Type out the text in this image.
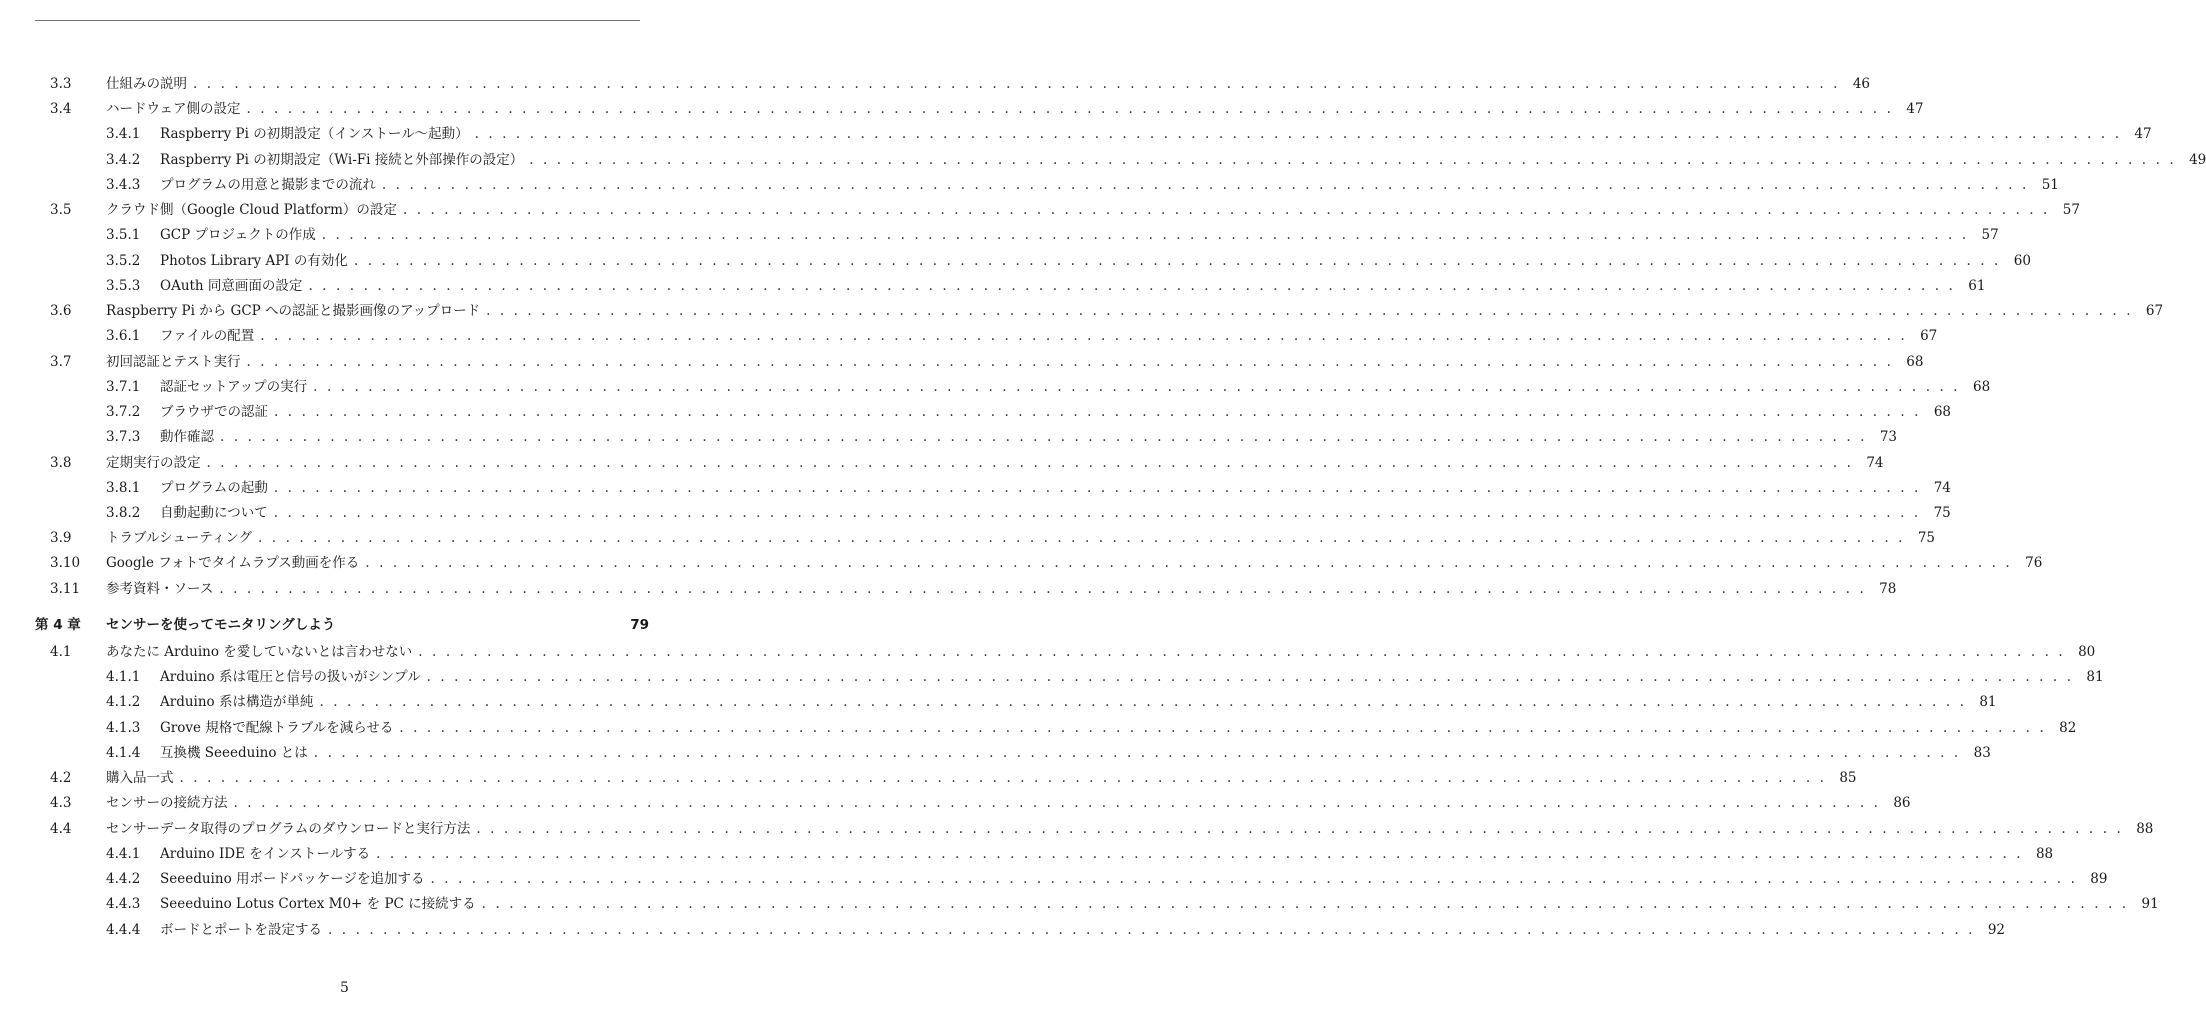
3.3	仕組みの説明 . . . . . . . . . . . . . . . . . . . . . . . . . . . . . . . . . . . . . . . . . . . . . . . . . . . . . . . . . . . . . . . . . . . . . . . . . . . . . . . . . . . . . . . . . . . . . . . . . . . . . . . . . . . . . . . . . . . . . . . . 46
3.4	ハードウェア側の設定 . . . . . . . . . . . . . . . . . . . . . . . . . . . . . . . . . . . . . . . . . . . . . . . . . . . . . . . . . . . . . . . . . . . . . . . . . . . . . . . . . . . . . . . . . . . . . . . . . . . . . . . . . . . . . . . . . . . . . . . . 47
3.4.1 Raspberry Pi の初期設定（インストール〜起動） . . . . . . . . . . . . . . . . . . . . . . . . . . . . . . . . . . . . . . . . . . . . . . . . . . . . . . . . . . . . . . . . . . . . . . . . . . . . . . . . . . . . . . . . . . . . . . . . . . . . . . . . . . . . . . . . . . . . . . . . 47
3.4.2 Raspberry Pi の初期設定（Wi-Fi 接続と外部操作の設定） . . . . . . . . . . . . . . . . . . . . . . . . . . . . . . . . . . . . . . . . . . . . . . . . . . . . . . . . . . . . . . . . . . . . . . . . . . . . . . . . . . . . . . . . . . . . . . . . . . . . . . . . . . . . . . . . . . . . . . . . 49
3.4.3 プログラムの用意と撮影までの流れ . . . . . . . . . . . . . . . . . . . . . . . . . . . . . . . . . . . . . . . . . . . . . . . . . . . . . . . . . . . . . . . . . . . . . . . . . . . . . . . . . . . . . . . . . . . . . . . . . . . . . . . . . . . . . . . . . . . . . . . . 51
3.5	クラウド側（Google Cloud Platform）の設定 . . . . . . . . . . . . . . . . . . . . . . . . . . . . . . . . . . . . . . . . . . . . . . . . . . . . . . . . . . . . . . . . . . . . . . . . . . . . . . . . . . . . . . . . . . . . . . . . . . . . . . . . . . . . . . . . . . . . . . . . 57
3.5.1 GCP プロジェクトの作成 . . . . . . . . . . . . . . . . . . . . . . . . . . . . . . . . . . . . . . . . . . . . . . . . . . . . . . . . . . . . . . . . . . . . . . . . . . . . . . . . . . . . . . . . . . . . . . . . . . . . . . . . . . . . . . . . . . . . . . . . 57
3.5.2 Photos Library API の有効化 . . . . . . . . . . . . . . . . . . . . . . . . . . . . . . . . . . . . . . . . . . . . . . . . . . . . . . . . . . . . . . . . . . . . . . . . . . . . . . . . . . . . . . . . . . . . . . . . . . . . . . . . . . . . . . . . . . . . . . . . 60
3.5.3 OAuth 同意画面の設定 . . . . . . . . . . . . . . . . . . . . . . . . . . . . . . . . . . . . . . . . . . . . . . . . . . . . . . . . . . . . . . . . . . . . . . . . . . . . . . . . . . . . . . . . . . . . . . . . . . . . . . . . . . . . . . . . . . . . . . . . 61
3.6	Raspberry Pi から GCP への認証と撮影画像のアップロード . . . . . . . . . . . . . . . . . . . . . . . . . . . . . . . . . . . . . . . . . . . . . . . . . . . . . . . . . . . . . . . . . . . . . . . . . . . . . . . . . . . . . . . . . . . . . . . . . . . . . . . . . . . . . . . . . . . . . . . . 67
3.6.1 ファイルの配置 . . . . . . . . . . . . . . . . . . . . . . . . . . . . . . . . . . . . . . . . . . . . . . . . . . . . . . . . . . . . . . . . . . . . . . . . . . . . . . . . . . . . . . . . . . . . . . . . . . . . . . . . . . . . . . . . . . . . . . . . 67
3.7	初回認証とテスト実行 . . . . . . . . . . . . . . . . . . . . . . . . . . . . . . . . . . . . . . . . . . . . . . . . . . . . . . . . . . . . . . . . . . . . . . . . . . . . . . . . . . . . . . . . . . . . . . . . . . . . . . . . . . . . . . . . . . . . . . . . 68
3.7.1 認証セットアップの実行 . . . . . . . . . . . . . . . . . . . . . . . . . . . . . . . . . . . . . . . . . . . . . . . . . . . . . . . . . . . . . . . . . . . . . . . . . . . . . . . . . . . . . . . . . . . . . . . . . . . . . . . . . . . . . . . . . . . . . . . . 68
3.7.2 ブラウザでの認証 . . . . . . . . . . . . . . . . . . . . . . . . . . . . . . . . . . . . . . . . . . . . . . . . . . . . . . . . . . . . . . . . . . . . . . . . . . . . . . . . . . . . . . . . . . . . . . . . . . . . . . . . . . . . . . . . . . . . . . . . 68
3.7.3 動作確認 . . . . . . . . . . . . . . . . . . . . . . . . . . . . . . . . . . . . . . . . . . . . . . . . . . . . . . . . . . . . . . . . . . . . . . . . . . . . . . . . . . . . . . . . . . . . . . . . . . . . . . . . . . . . . . . . . . . . . . . . 73
3.8	定期実行の設定 . . . . . . . . . . . . . . . . . . . . . . . . . . . . . . . . . . . . . . . . . . . . . . . . . . . . . . . . . . . . . . . . . . . . . . . . . . . . . . . . . . . . . . . . . . . . . . . . . . . . . . . . . . . . . . . . . . . . . . . . 74
3.8.1 プログラムの起動 . . . . . . . . . . . . . . . . . . . . . . . . . . . . . . . . . . . . . . . . . . . . . . . . . . . . . . . . . . . . . . . . . . . . . . . . . . . . . . . . . . . . . . . . . . . . . . . . . . . . . . . . . . . . . . . . . . . . . . . . 74
3.8.2 自動起動について . . . . . . . . . . . . . . . . . . . . . . . . . . . . . . . . . . . . . . . . . . . . . . . . . . . . . . . . . . . . . . . . . . . . . . . . . . . . . . . . . . . . . . . . . . . . . . . . . . . . . . . . . . . . . . . . . . . . . . . . 75
3.9	トラブルシューティング . . . . . . . . . . . . . . . . . . . . . . . . . . . . . . . . . . . . . . . . . . . . . . . . . . . . . . . . . . . . . . . . . . . . . . . . . . . . . . . . . . . . . . . . . . . . . . . . . . . . . . . . . . . . . . . . . . . . . . . . 75
3.10 Google フォトでタイムラプス動画を作る . . . . . . . . . . . . . . . . . . . . . . . . . . . . . . . . . . . . . . . . . . . . . . . . . . . . . . . . . . . . . . . . . . . . . . . . . . . . . . . . . . . . . . . . . . . . . . . . . . . . . . . . . . . . . . . . . . . . . . . . 76
3.11 参考資料・ソース . . . . . . . . . . . . . . . . . . . . . . . . . . . . . . . . . . . . . . . . . . . . . . . . . . . . . . . . . . . . . . . . . . . . . . . . . . . . . . . . . . . . . . . . . . . . . . . . . . . . . . . . . . . . . . . . . . . . . . . . 78
第 4 章 センサーを使ってモニタリングしよう	79
4.1	あなたに Arduino を愛していないとは言わせない . . . . . . . . . . . . . . . . . . . . . . . . . . . . . . . . . . . . . . . . . . . . . . . . . . . . . . . . . . . . . . . . . . . . . . . . . . . . . . . . . . . . . . . . . . . . . . . . . . . . . . . . . . . . . . . . . . . . . . . . 80
4.1.1 Arduino 系は電圧と信号の扱いがシンプル . . . . . . . . . . . . . . . . . . . . . . . . . . . . . . . . . . . . . . . . . . . . . . . . . . . . . . . . . . . . . . . . . . . . . . . . . . . . . . . . . . . . . . . . . . . . . . . . . . . . . . . . . . . . . . . . . . . . . . . . 81
4.1.2 Arduino 系は構造が単純 . . . . . . . . . . . . . . . . . . . . . . . . . . . . . . . . . . . . . . . . . . . . . . . . . . . . . . . . . . . . . . . . . . . . . . . . . . . . . . . . . . . . . . . . . . . . . . . . . . . . . . . . . . . . . . . . . . . . . . . . 81
4.1.3 Grove 規格で配線トラブルを減らせる . . . . . . . . . . . . . . . . . . . . . . . . . . . . . . . . . . . . . . . . . . . . . . . . . . . . . . . . . . . . . . . . . . . . . . . . . . . . . . . . . . . . . . . . . . . . . . . . . . . . . . . . . . . . . . . . . . . . . . . . 82
4.1.4 互換機 Seeeduino とは . . . . . . . . . . . . . . . . . . . . . . . . . . . . . . . . . . . . . . . . . . . . . . . . . . . . . . . . . . . . . . . . . . . . . . . . . . . . . . . . . . . . . . . . . . . . . . . . . . . . . . . . . . . . . . . . . . . . . . . . 83
4.2	購入品一式 . . . . . . . . . . . . . . . . . . . . . . . . . . . . . . . . . . . . . . . . . . . . . . . . . . . . . . . . . . . . . . . . . . . . . . . . . . . . . . . . . . . . . . . . . . . . . . . . . . . . . . . . . . . . . . . . . . . . . . . . 85
4.3	センサーの接続方法 . . . . . . . . . . . . . . . . . . . . . . . . . . . . . . . . . . . . . . . . . . . . . . . . . . . . . . . . . . . . . . . . . . . . . . . . . . . . . . . . . . . . . . . . . . . . . . . . . . . . . . . . . . . . . . . . . . . . . . . . 86
4.4	センサーデータ取得のプログラムのダウンロードと実行方法 . . . . . . . . . . . . . . . . . . . . . . . . . . . . . . . . . . . . . . . . . . . . . . . . . . . . . . . . . . . . . . . . . . . . . . . . . . . . . . . . . . . . . . . . . . . . . . . . . . . . . . . . . . . . . . . . . . . . . . . . 88
4.4.1 Arduino IDE をインストールする . . . . . . . . . . . . . . . . . . . . . . . . . . . . . . . . . . . . . . . . . . . . . . . . . . . . . . . . . . . . . . . . . . . . . . . . . . . . . . . . . . . . . . . . . . . . . . . . . . . . . . . . . . . . . . . . . . . . . . . . 88
4.4.2 Seeeduino 用ボードパッケージを追加する . . . . . . . . . . . . . . . . . . . . . . . . . . . . . . . . . . . . . . . . . . . . . . . . . . . . . . . . . . . . . . . . . . . . . . . . . . . . . . . . . . . . . . . . . . . . . . . . . . . . . . . . . . . . . . . . . . . . . . . . 89
4.4.3 Seeeduino Lotus Cortex M0+ を PC に接続する . . . . . . . . . . . . . . . . . . . . . . . . . . . . . . . . . . . . . . . . . . . . . . . . . . . . . . . . . . . . . . . . . . . . . . . . . . . . . . . . . . . . . . . . . . . . . . . . . . . . . . . . . . . . . . . . . . . . . . . . 91
4.4.4 ボードとポートを設定する . . . . . . . . . . . . . . . . . . . . . . . . . . . . . . . . . . . . . . . . . . . . . . . . . . . . . . . . . . . . . . . . . . . . . . . . . . . . . . . . . . . . . . . . . . . . . . . . . . . . . . . . . . . . . . . . . . . . . . . . 92
5
